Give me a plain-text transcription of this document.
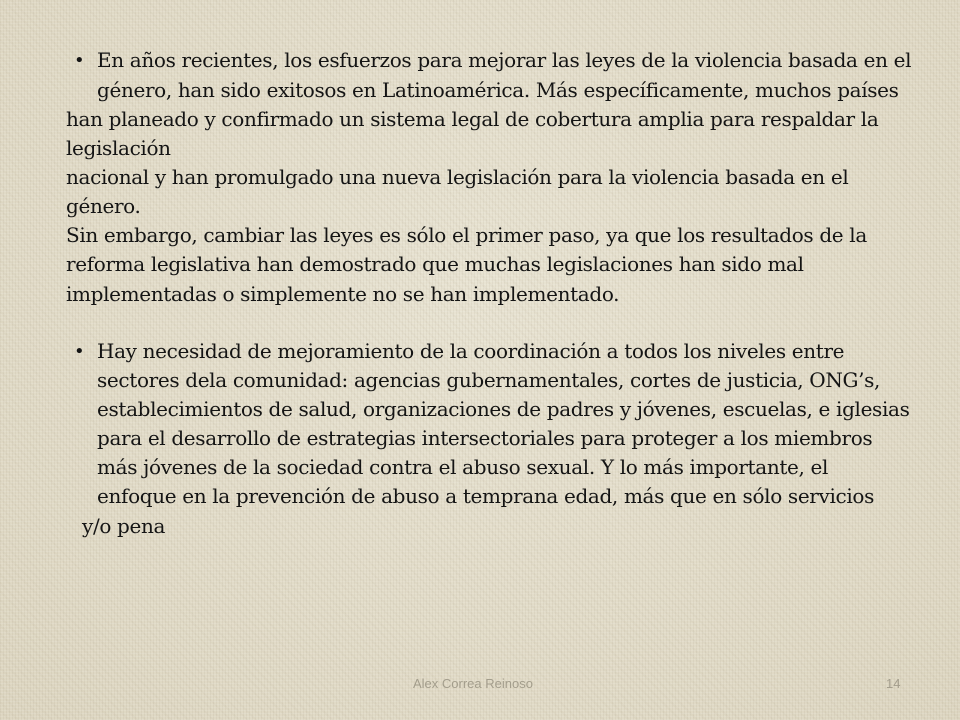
• En años recientes, los esfuerzos para mejorar las leyes de la violencia basada en el
género, han sido exitosos en Latinoamérica. Más específicamente, muchos países
han planeado y confirmado un sistema legal de cobertura amplia para respaldar la
legislación
nacional y han promulgado una nueva legislación para la violencia basada en el
género.
Sin embargo, cambiar las leyes es sólo el primer paso, ya que los resultados de la
reforma legislativa han demostrado que muchas legislaciones han sido mal
implementadas o simplemente no se han implementado.
• Hay necesidad de mejoramiento de la coordinación a todos los niveles entre
sectores dela comunidad: agencias gubernamentales, cortes de justicia, ONG’s,
establecimientos de salud, organizaciones de padres y jóvenes, escuelas, e iglesias
para el desarrollo de estrategias intersectoriales para proteger a los miembros
más jóvenes de la sociedad contra el abuso sexual. Y lo más importante, el
enfoque en la prevención de abuso a temprana edad, más que en sólo servicios
y/o pena
Alex Correa Reinoso	14
